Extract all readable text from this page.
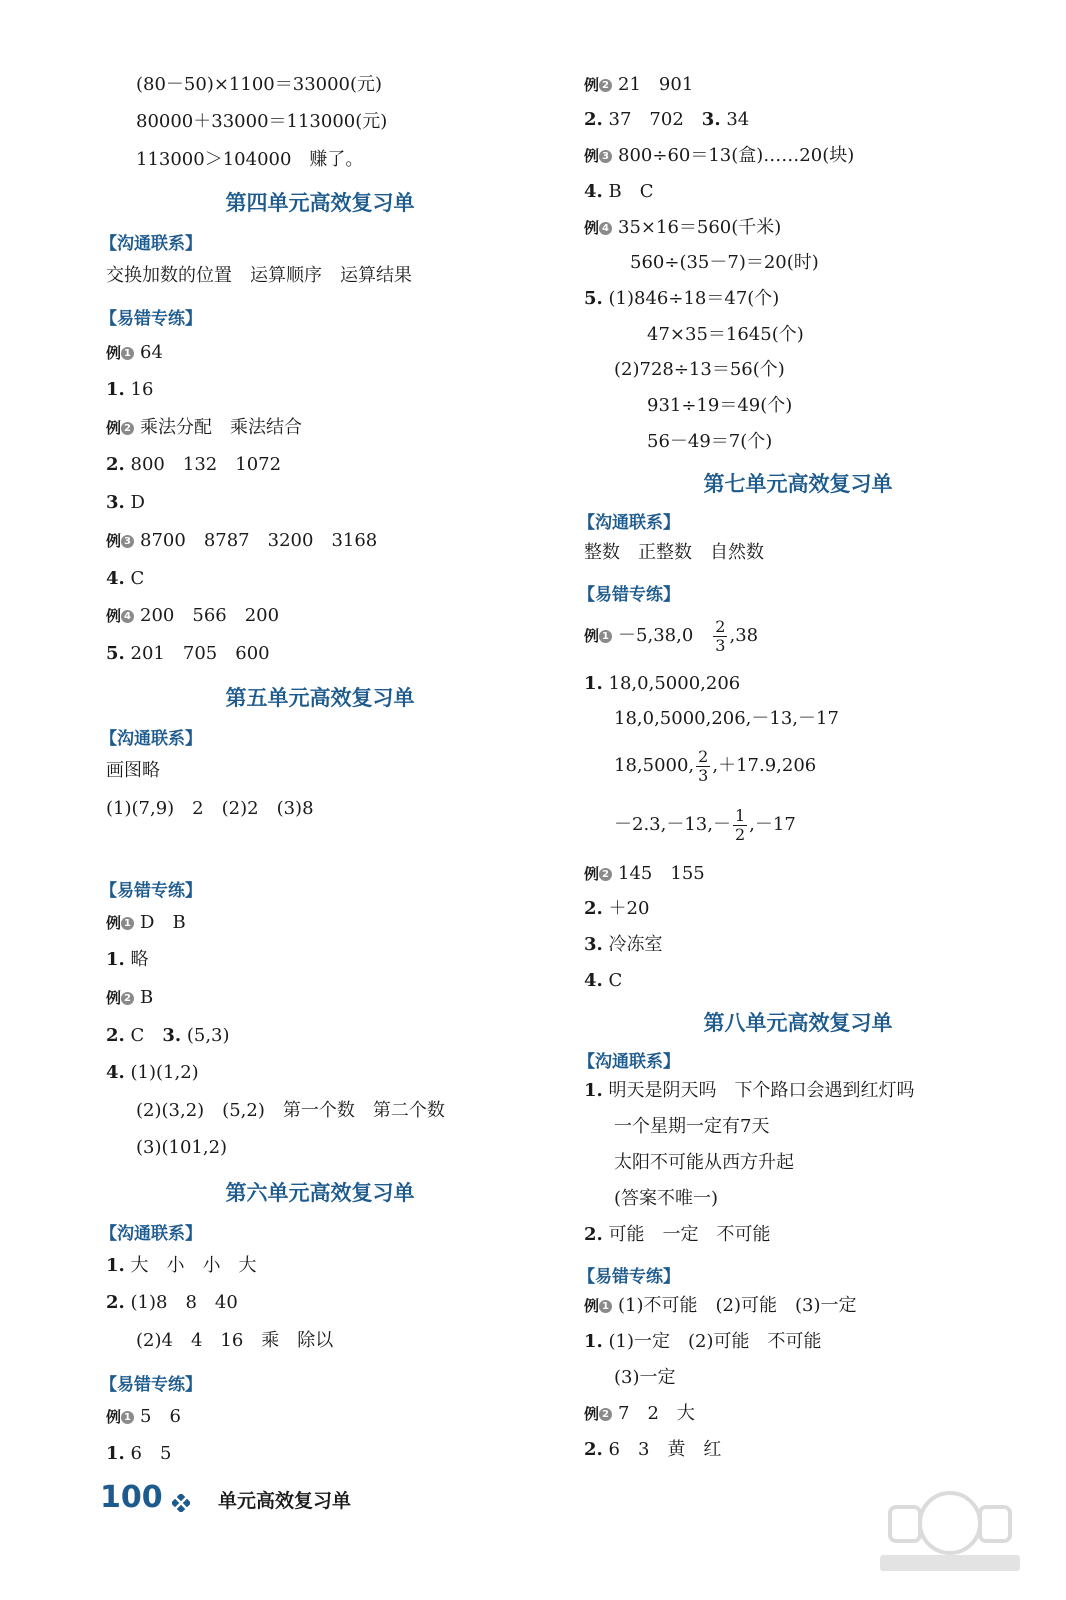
(80－50)×1100＝33000(元)
80000＋33000＝113000(元)
113000＞104000　赚了。
第四单元高效复习单
【沟通联系】
交换加数的位置　运算顺序　运算结果
【易错专练】
例 1 64
1. 16
例 2 乘法分配　乘法结合
2. 800　132　1072
3. D
例 3 8700　8787　3200　3168
4. C
例 4 200　566　200
5. 201　705　600
第五单元高效复习单
【沟通联系】
画图略
(1)(7,9)　2　(2)2　(3)8
【易错专练】
例 1 D　B
1. 略
例 2 B
2. C　3. (5,3)
4. (1)(1,2)
(2)(3,2)　(5,2)　第一个数　第二个数
(3)(101,2)
第六单元高效复习单
【沟通联系】
1. 大　小　小　大
2. (1)8　8　40
(2)4　4　16　乘　除以
【易错专练】
例 1 5　6
1. 6　5
例 2 21　901
2. 37　702　3. 34
例 3 800÷60＝13(盒)……20(块)
4. B　C
例 4 35×16＝560(千米)
560÷(35－7)＝20(时)
5. (1)846÷18＝47(个)
47×35＝1645(个)
(2)728÷13＝56(个)
931÷19＝49(个)
56－49＝7(个)
第七单元高效复习单
【沟通联系】
整数　正整数　自然数
【易错专练】
例 1 －5,38,0　 $\frac{2}{3} ,38$
1. 18,0,5000,206
18,0,5000,206,－13,－17
18,5000, $\frac{2}{3} ,+17.9,206$
$-2.3,-13,- \frac{1}{2} ,-17$
例 2 145　155
2. ＋20
3. 冷冻室
4. C
第八单元高效复习单
【沟通联系】
1. 明天是阴天吗　下个路口会遇到红灯吗
一个星期一定有7天
太阳不可能从西方升起
(答案不唯一)
2. 可能　一定　不可能
【易错专练】
例 1 (1)不可能　(2)可能　(3)一定
1. (1)一定　(2)可能　不可能
(3)一定
例 2 7　2　大
2. 6　3　黄　红
100	单元高效复习单
